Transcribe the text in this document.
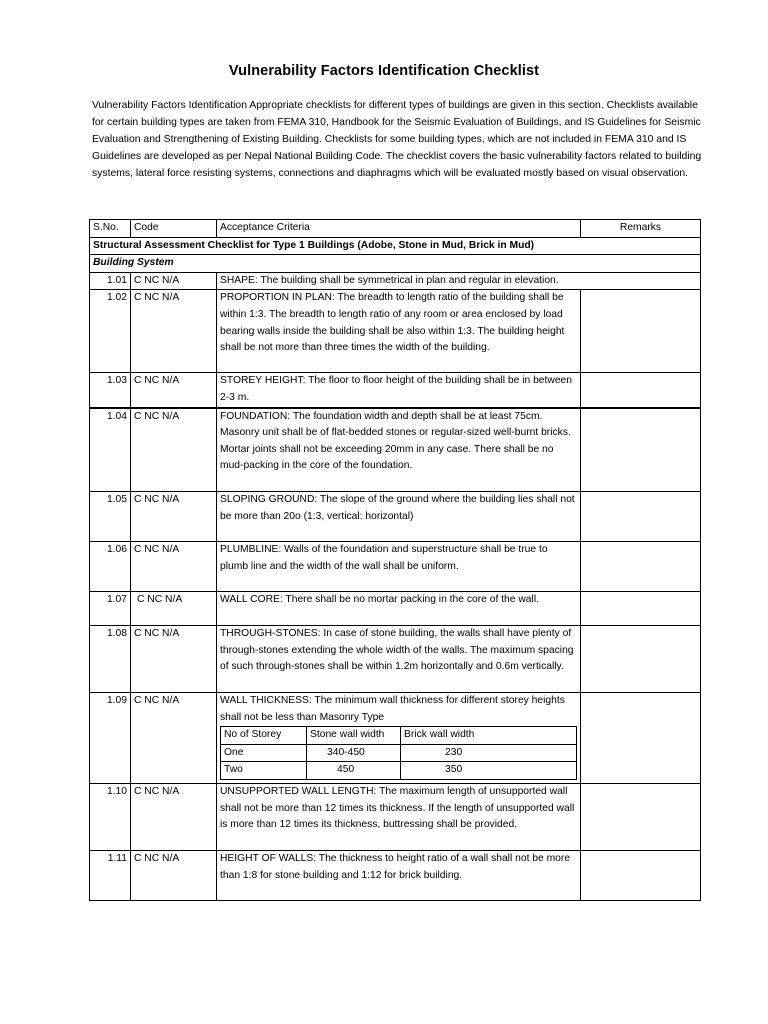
Vulnerability Factors Identification Checklist
Vulnerability Factors Identification Appropriate checklists for different types of buildings are given in this section. Checklists available for certain building types are taken from FEMA 310, Handbook for the Seismic Evaluation of Buildings, and IS Guidelines for Seismic Evaluation and Strengthening of Existing Building. Checklists for some building types, which are not included in FEMA 310 and IS Guidelines are developed as per Nepal National Building Code. The checklist covers the basic vulnerability factors related to building systems, lateral force resisting systems, connections and diaphragms which will be evaluated mostly based on visual observation.
S.No.	Code	Acceptance Criteria	Remarks
Structural Assessment Checklist for Type 1 Buildings (Adobe, Stone in Mud, Brick in Mud)
Building System
1.01	C NC N/A	SHAPE: The building shall be symmetrical in plan and regular in elevation.
1.02	C NC N/A	PROPORTION IN PLAN: The breadth to length ratio of the building shall be within 1:3. The breadth to length ratio of any room or area enclosed by load bearing walls inside the building shall be also within 1:3. The building height shall be not more than three times the width of the building.	
1.03	C NC N/A	STOREY HEIGHT: The floor to floor height of the building shall be in between 2-3 m.	
1.04	C NC N/A	FOUNDATION: The foundation width and depth shall be at least 75cm. Masonry unit shall be of flat-bedded stones or regular-sized well-burnt bricks. Mortar joints shall not be exceeding 20mm in any case. There shall be no mud-packing in the core of the foundation.	
1.05	C NC N/A	SLOPING GROUND: The slope of the ground where the building lies shall not be more than 20o (1:3, vertical: horizontal)	
1.06	C NC N/A	PLUMBLINE: Walls of the foundation and superstructure shall be true to plumb line and the width of the wall shall be uniform.	
1.07	C NC N/A	WALL CORE: There shall be no mortar packing in the core of the wall.	
1.08	C NC N/A	THROUGH-STONES: In case of stone building, the walls shall have plenty of through-stones extending the whole width of the walls. The maximum spacing of such through-stones shall be within 1.2m horizontally and 0.6m vertically.	
1.09	C NC N/A	WALL THICKNESS: The minimum wall thickness for different storey heights shall not be less than Masonry Type
No of Storey	Stone wall width	Brick wall width
One	340-450	230
Two	450	350

1.10	C NC N/A	UNSUPPORTED WALL LENGTH: The maximum length of unsupported wall shall not be more than 12 times its thickness. If the length of unsupported wall is more than 12 times its thickness, buttressing shall be provided.	
1.11	C NC N/A	HEIGHT OF WALLS: The thickness to height ratio of a wall shall not be more than 1:8 for stone building and 1:12 for brick building.	
